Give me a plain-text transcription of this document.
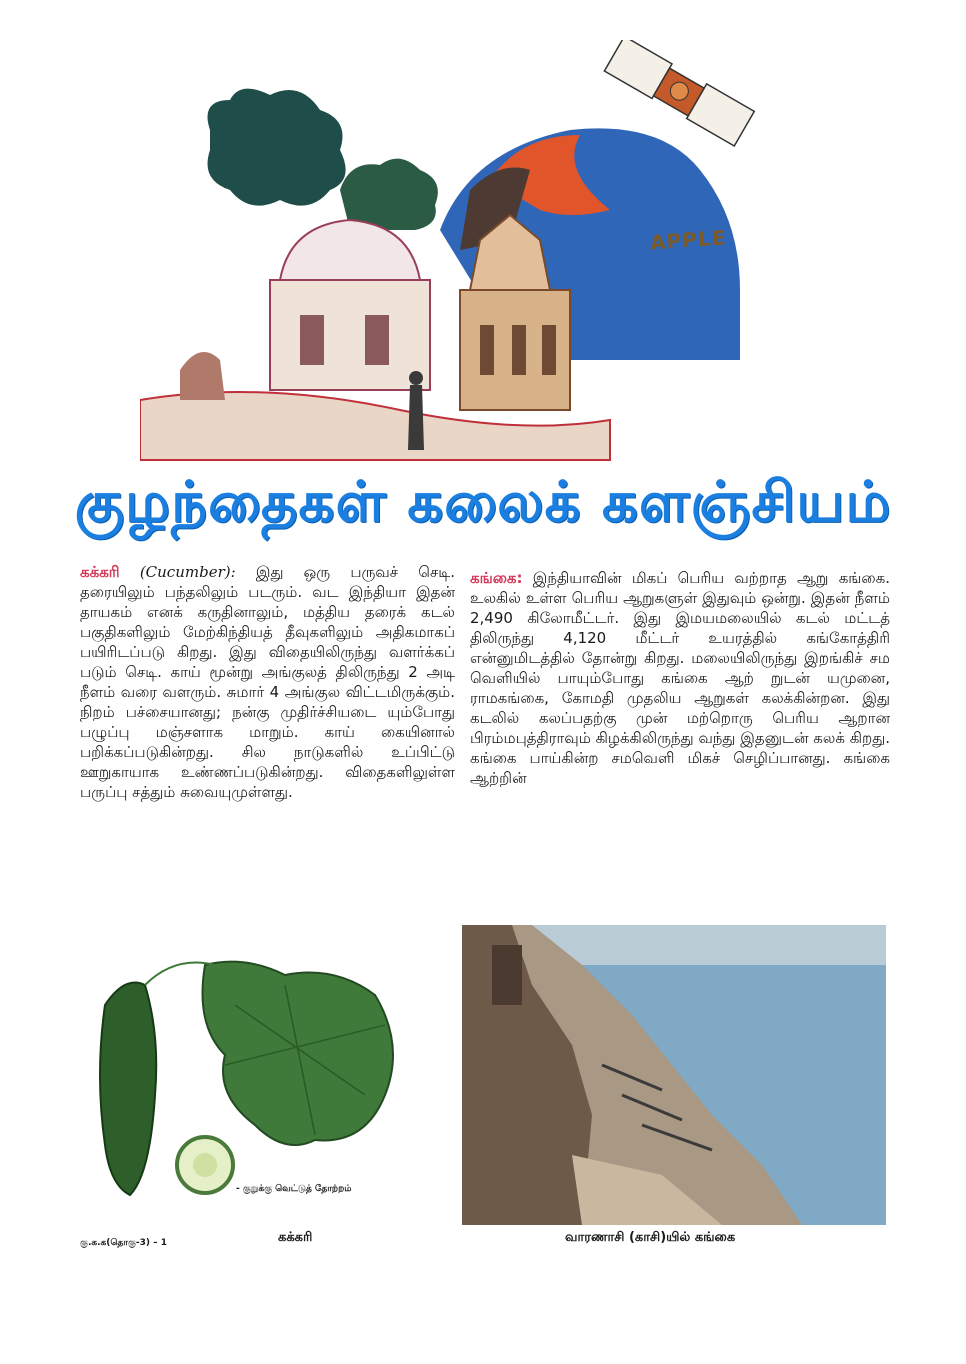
APPLE
குழந்தைகள் கலைக் களஞ்சியம்
கக்கரி (Cucumber): இது ஒரு பருவச் செடி. தரையிலும் பந்தலிலும் படரும். வட இந்தியா இதன் தாயகம் எனக் கருதினாலும், மத்திய தரைக் கடல் பகுதிகளிலும் மேற்கிந்தியத் தீவுகளிலும் அதிகமாகப் பயிரிடப்படு கிறது. இது விதையிலிருந்து வளர்க்கப் படும் செடி. காய் மூன்று அங்குலத் திலிருந்து 2 அடி நீளம் வரை வளரும். சுமார் 4 அங்குல விட்டமிருக்கும். நிறம் பச்சையானது; நன்கு முதிர்ச்சியடை யும்போது பழுப்பு மஞ்சளாக மாறும். காய் கையினால் பறிக்கப்படுகின்றது. சில நாடுகளில் உப்பிட்டு ஊறுகாயாக உண்ணப்படுகின்றது. விதைகளிலுள்ள பருப்பு சத்தும் சுவையுமுள்ளது.
கங்கை: இந்தியாவின் மிகப் பெரிய வற்றாத ஆறு கங்கை. உலகில் உள்ள பெரிய ஆறுகளுள் இதுவும் ஒன்று. இதன் நீளம் 2,490 கிலோமீட்டர். இது இமயமலையில் கடல் மட்டத் திலிருந்து 4,120 மீட்டர் உயரத்தில் கங்கோத்திரி என்னுமிடத்தில் தோன்று கிறது. மலையிலிருந்து இறங்கிச் சம வெளியில் பாயும்போது கங்கை ஆற் றுடன் யமுனை, ராமகங்கை, கோமதி முதலிய ஆறுகள் கலக்கின்றன. இது கடலில் கலப்பதற்கு முன் மற்றொரு பெரிய ஆறான பிரம்மபுத்திராவும் கிழக்கிலிருந்து வந்து இதனுடன் கலக் கிறது. கங்கை பாய்கின்ற சமவெளி மிகச் செழிப்பானது. கங்கை ஆற்றின்
- குறுக்கு வெட்டுத் தோற்றம்
கு.க.க(தொகு-3) – 1	கக்கரி	வாரணாசி (காசி)யில் கங்கை
